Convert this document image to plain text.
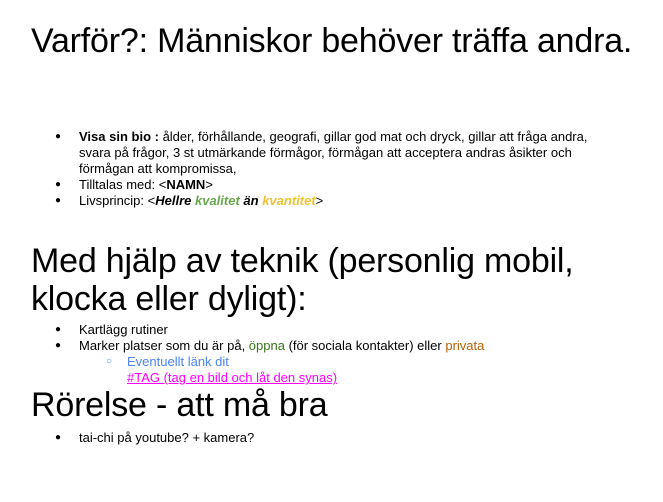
Varför?: Människor behöver träffa andra.
● Visa sin bio : ålder, förhållande, geografi, gillar god mat och dryck, gillar att fråga andra, svara på frågor, 3 st utmärkande förmågor, förmågan att acceptera andras åsikter och förmågan att kompromissa,
● Tilltalas med: <NAMN>
● Livsprincip: <Hellre kvalitet än kvantitet>
Med hjälp av teknik (personlig mobil, klocka eller dyligt):
● Kartlägg rutiner
● Marker platser som du är på, öppna (för sociala kontakter) eller privata
○ Eventuellt länk dit
#TAG (tag en bild och låt den synas)
Rörelse - att må bra
● tai-chi på youtube? + kamera?
